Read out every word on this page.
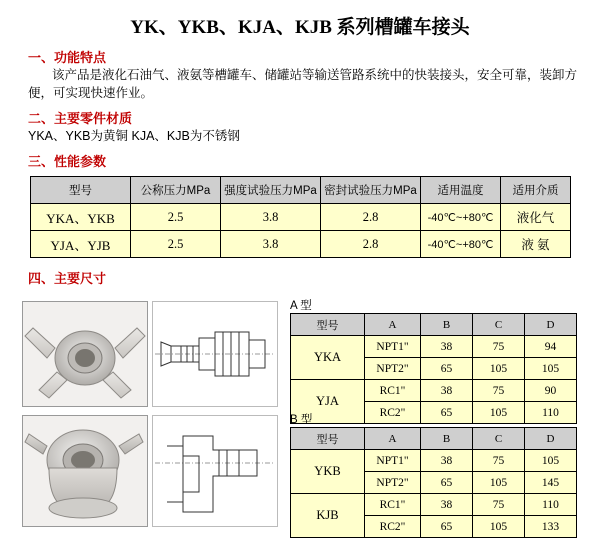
YK、YKB、KJA、KJB 系列槽罐车接头
一、功能特点
该产品是液化石油气、液氨等槽罐车、储罐站等输送管路系统中的快装接头，安全可靠，装卸方便，可实现快速作业。
二、主要零件材质
YKA、YKB为黄铜 KJA、KJB为不锈钢
三、性能参数
型号	公称压力MPa	强度试验压力MPa	密封试验压力MPa	适用温度	适用介质
YKA、YKB	2.5	3.8	2.8	-40℃~+80℃	液化气
YJA、YJB	2.5	3.8	2.8	-40℃~+80℃	液 氨
四、主要尺寸
A 型
型号	A	B	C	D
YKA	NPT1"	38	75	94
	NPT2"	65	105	105
YJA	RC1"	38	75	90
	RC2"	65	105	110
B 型
型号	A	B	C	D
YKB	NPT1"	38	75	105
	NPT2"	65	105	145
KJB	RC1"	38	75	110
	RC2"	65	105	133
